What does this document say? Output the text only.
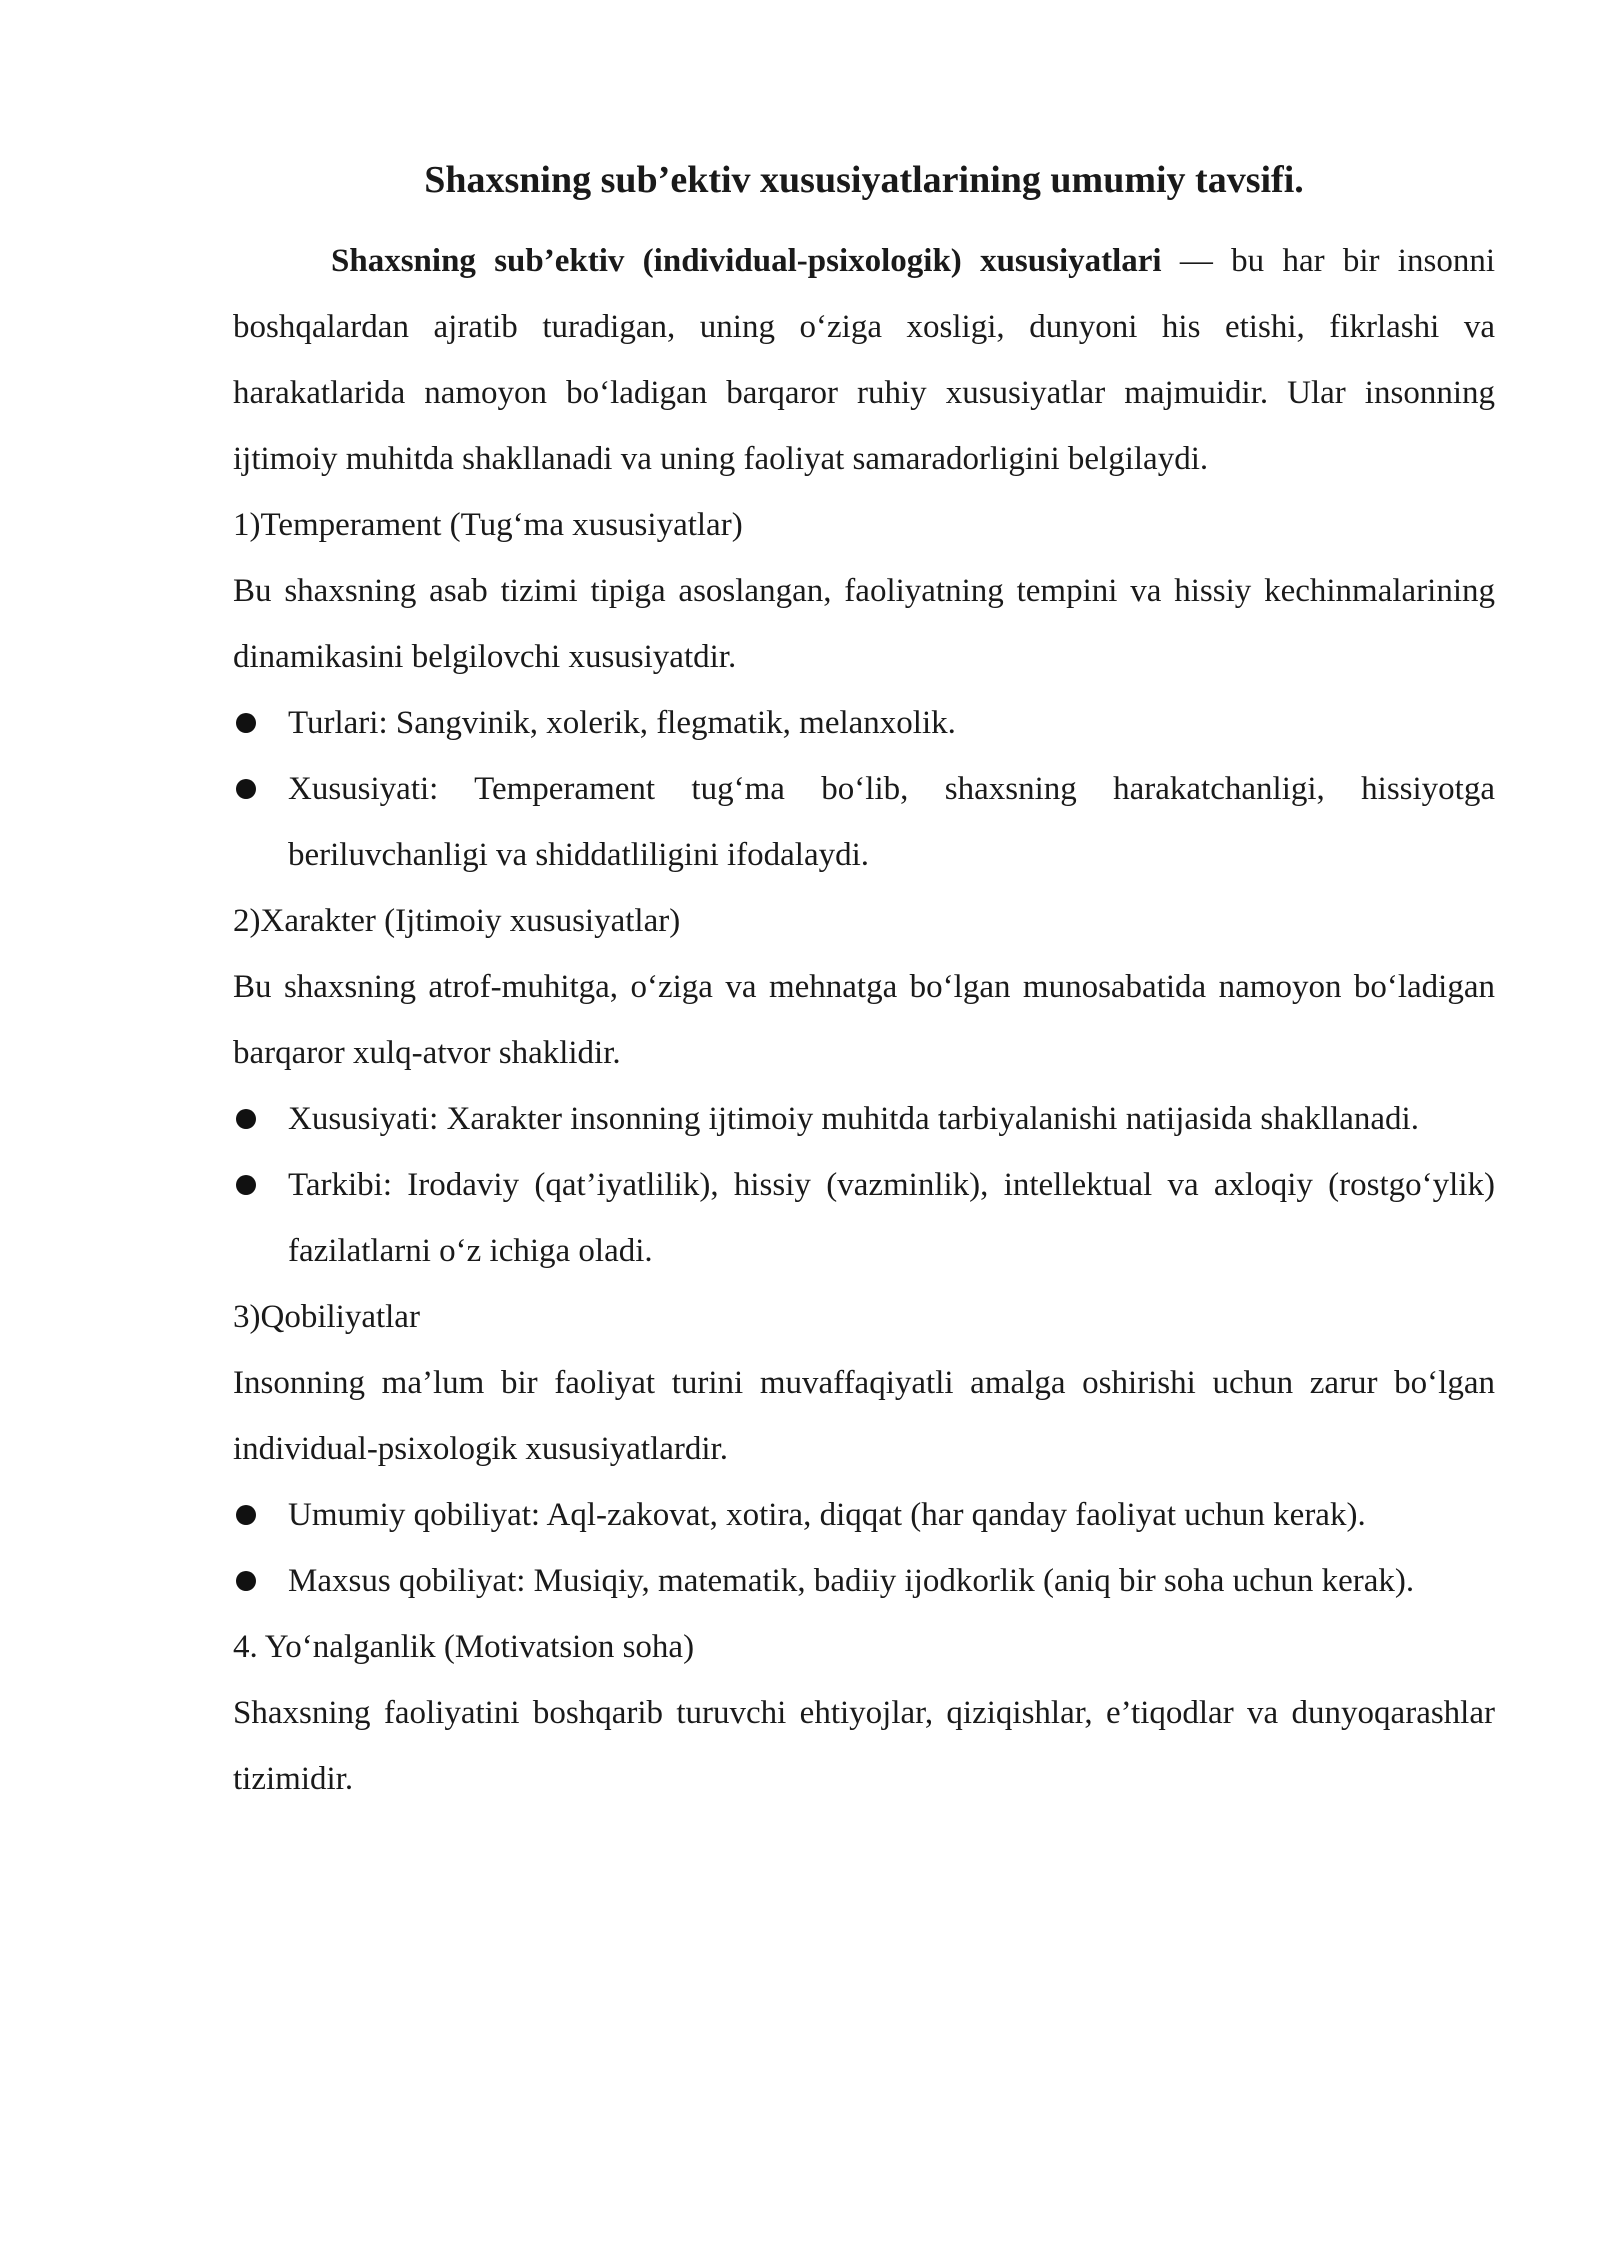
Shaxsning sub’ektiv xususiyatlarining umumiy tavsifi.

Shaxsning sub’ektiv (individual-psixologik) xususiyatlari — bu har bir insonni boshqalardan ajratib turadigan, uning o‘ziga xosligi, dunyoni his etishi, fikrlashi va harakatlarida namoyon bo‘ladigan barqaror ruhiy xususiyatlar majmuidir. Ular insonning ijtimoiy muhitda shakllanadi va uning faoliyat samaradorligini belgilaydi.

1)Temperament (Tug‘ma xususiyatlar)

Bu shaxsning asab tizimi tipiga asoslangan, faoliyatning tempini va hissiy kechinmalarining dinamikasini belgilovchi xususiyatdir.

Turlari: Sangvinik, xolerik, flegmatik, melanxolik.
Xususiyati: Temperament tug‘ma bo‘lib, shaxsning harakatchanligi, hissiyotga beriluvchanligi va shiddatliligini ifodalaydi.

2)Xarakter (Ijtimoiy xususiyatlar)

Bu shaxsning atrof-muhitga, o‘ziga va mehnatga bo‘lgan munosabatida namoyon bo‘ladigan barqaror xulq-atvor shaklidir.

Xususiyati: Xarakter insonning ijtimoiy muhitda tarbiyalanishi natijasida shakllanadi.
Tarkibi: Irodaviy (qat’iyatlilik), hissiy (vazminlik), intellektual va axloqiy (rostgo‘ylik) fazilatlarni o‘z ichiga oladi.

3)Qobiliyatlar

Insonning ma’lum bir faoliyat turini muvaffaqiyatli amalga oshirishi uchun zarur bo‘lgan individual-psixologik xususiyatlardir.

Umumiy qobiliyat: Aql-zakovat, xotira, diqqat (har qanday faoliyat uchun kerak).
Maxsus qobiliyat: Musiqiy, matematik, badiiy ijodkorlik (aniq bir soha uchun kerak).

4. Yo‘nalganlik (Motivatsion soha)

Shaxsning faoliyatini boshqarib turuvchi ehtiyojlar, qiziqishlar, e’tiqodlar va dunyoqarashlar tizimidir.
